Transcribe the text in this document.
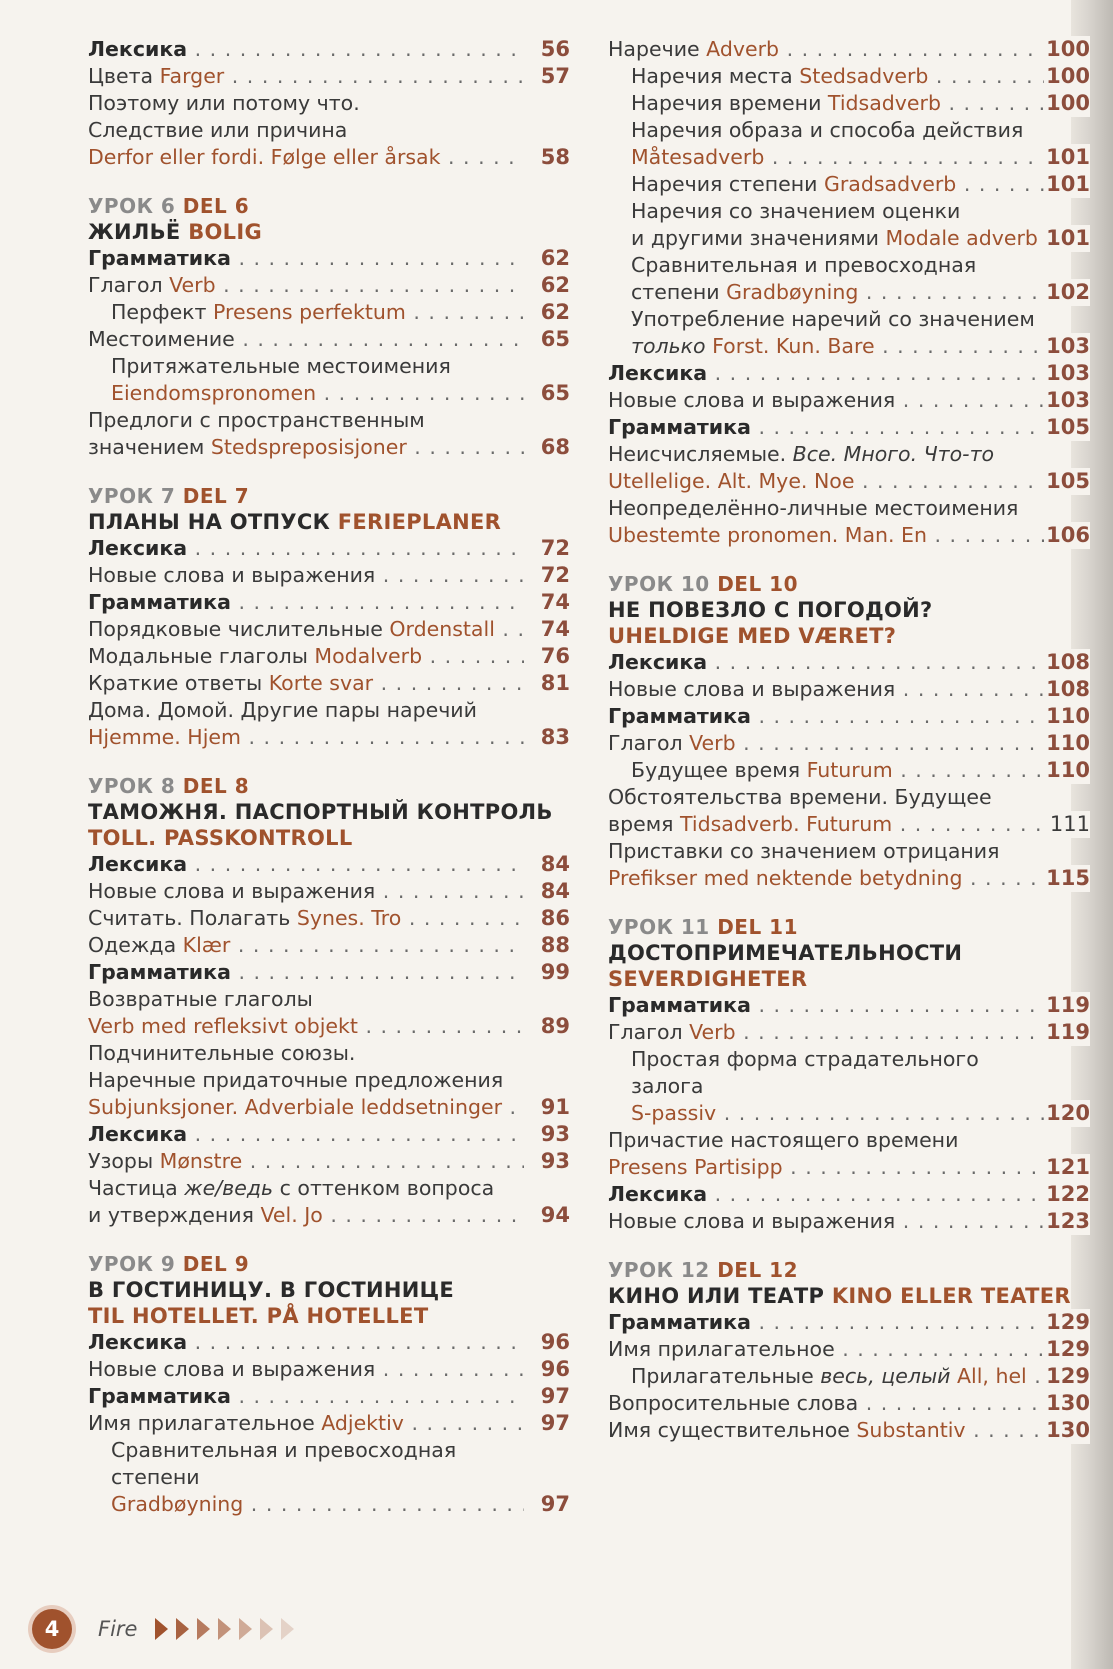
Лексика . . .	56
Цвета Farger . . .	57
Поэтому или потому что.
Следствие или причина
Derfor eller fordi. Følge eller årsak . . .	58
УРОК 6 DEL 6
ЖИЛЬЁ BOLIG
Грамматика . . .	62
Глагол Verb . . .	62
Перфект Presens perfektum . . .	62
Местоимение . . .	65
Притяжательные местоимения
Eiendomspronomen . . .	65
Предлоги с пространственным
значением Stedspreposisjoner . . .	68
УРОК 7 DEL 7
ПЛАНЫ НА ОТПУСК FERIEPLANER
Лексика . . .	72
Новые слова и выражения . . .	72
Грамматика . . .	74
Порядковые числительные Ordenstall . . .	74
Модальные глаголы Modalverb . . .	76
Краткие ответы Korte svar . . .	81
Дома. Домой. Другие пары наречий
Hjemme. Hjem . . .	83
УРОК 8 DEL 8
ТАМОЖНЯ. ПАСПОРТНЫЙ КОНТРОЛЬ
TOLL. PASSKONTROLL
Лексика . . .	84
Новые слова и выражения . . .	84
Считать. Полагать Synes. Tro . . .	86
Одежда Klær . . .	88
Грамматика . . .	99
Возвратные глаголы
Verb med refleksivt objekt . . .	89
Подчинительные союзы.
Наречные придаточные предложения
Subjunksjoner. Adverbiale leddsetninger . . .	91
Лексика . . .	93
Узоры Mønstre . . .	93
Частица же/ведь с оттенком вопроса
и утверждения Vel. Jo . . .	94
УРОК 9 DEL 9
В ГОСТИНИЦУ. В ГОСТИНИЦЕ
TIL HOTELLET. PÅ HOTELLET
Лексика . . .	96
Новые слова и выражения . . .	96
Грамматика . . .	97
Имя прилагательное Adjektiv . . .	97
Сравнительная и превосходная степени
Gradbøyning . . .	97
Наречие Adverb . . .	100
Наречия места Stedsadverb . . .	100
Наречия времени Tidsadverb . . .	100
Наречия образа и способа действия
Måtesadverb . . .	101
Наречия степени Gradsadverb . . .	101
Наречия со значением оценки
и другими значениями Modale adverb . . . 101
Сравнительная и превосходная
степени Gradbøyning . . .	102
Употребление наречий со значением
только Forst. Kun. Bare . . .	103
Лексика . . .	103
Новые слова и выражения . . .	103
Грамматика . . .	105
Неисчисляемые. Все. Много. Что-то
Utellelige. Alt. Mye. Noe . . .	105
Неопределённо-личные местоимения
Ubestemte pronomen. Man. En . . .	106
УРОК 10 DEL 10
НЕ ПОВЕЗЛО С ПОГОДОЙ?
UHELDIGE MED VÆRET?
Лексика . . .	108
Новые слова и выражения . . .	108
Грамматика . . .	110
Глагол Verb . . .	110
Будущее время Futurum . . .	110
Обстоятельства времени. Будущее
время Tidsadverb. Futurum . . .	111
Приставки со значением отрицания
Prefikser med nektende betydning . . .	115
УРОК 11 DEL 11
ДОСТОПРИМЕЧАТЕЛЬНОСТИ
SEVERDIGHETER
Грамматика . . .	119
Глагол Verb . . .	119
Простая форма страдательного залога
S-passiv . . .	120
Причастие настоящего времени
Presens Partisipp . . .	121
Лексика . . .	122
Новые слова и выражения . . .	123
УРОК 12 DEL 12
КИНО ИЛИ ТЕАТР KINO ELLER TEATER
Грамматика . . .	129
Имя прилагательное . . .	129
Прилагательные весь, целый All, hel . . . 129
Вопросительные слова . . .	130
Имя существительное Substantiv . . .	130
4	Fire
